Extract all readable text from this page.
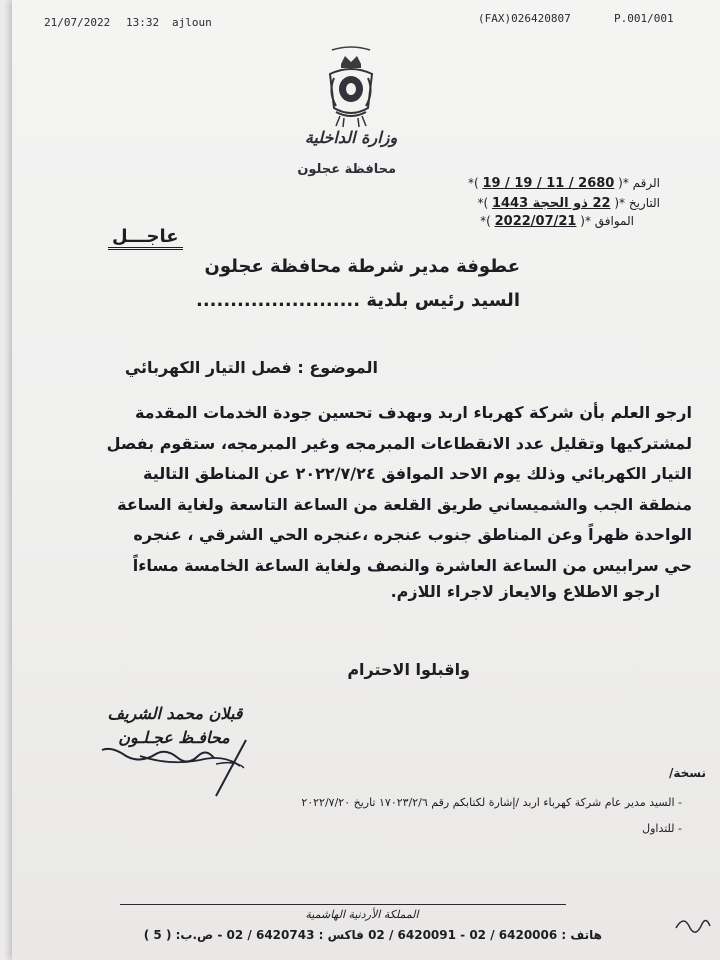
21/07/2022 13:32 ajloun	(FAX)026420807	P.001/001
وزارة الداخلية
محافظة عجلون
الرقم *( 2680 / 11 / 19 / 19 )*
التاريخ *( 22 ذو الحجة 1443 )*
الموافق *( 2022/07/21 )*
عاجـــل
عطوفة مدير شرطة محافظة عجلون
السيد رئيس بلدية ........................
الموضوع : فصل التيار الكهربائي
ارجو العلم بأن شركة كهرباء اربد وبهدف تحسين جودة الخدمات المقدمة
لمشتركيها وتقليل عدد الانقطاعات المبرمجه وغير المبرمجه، ستقوم بفصل
التيار الكهربائي وذلك يوم الاحد الموافق ٢٠٢٢/٧/٢٤ عن المناطق التالية
منطقة الجب والشميساني طريق القلعة من الساعة التاسعة ولغاية الساعة
الواحدة ظهراً وعن المناطق جنوب عنجره ،عنجره الحي الشرقي ، عنجره
حي سرابيس من الساعة العاشرة والنصف ولغاية الساعة الخامسة مساءاً
ارجو الاطلاع والايعاز لاجراء اللازم.
واقبلوا الاحترام
قبلان محمد الشريف
محافـظ عجـلـون
نسخة/
- السيد مدير عام شركة كهرباء اربد /إشارة لكتابكم رقم ١٧٠٢٣/٢/٦ تاريخ ٢٠٢٢/٧/٢٠
- للتداول
المملكة الأردنية الهاشمية
هاتف : 6420006 / 02 - 6420091 / 02 فاكس : 6420743 / 02 - ص.ب: ( 5 )
